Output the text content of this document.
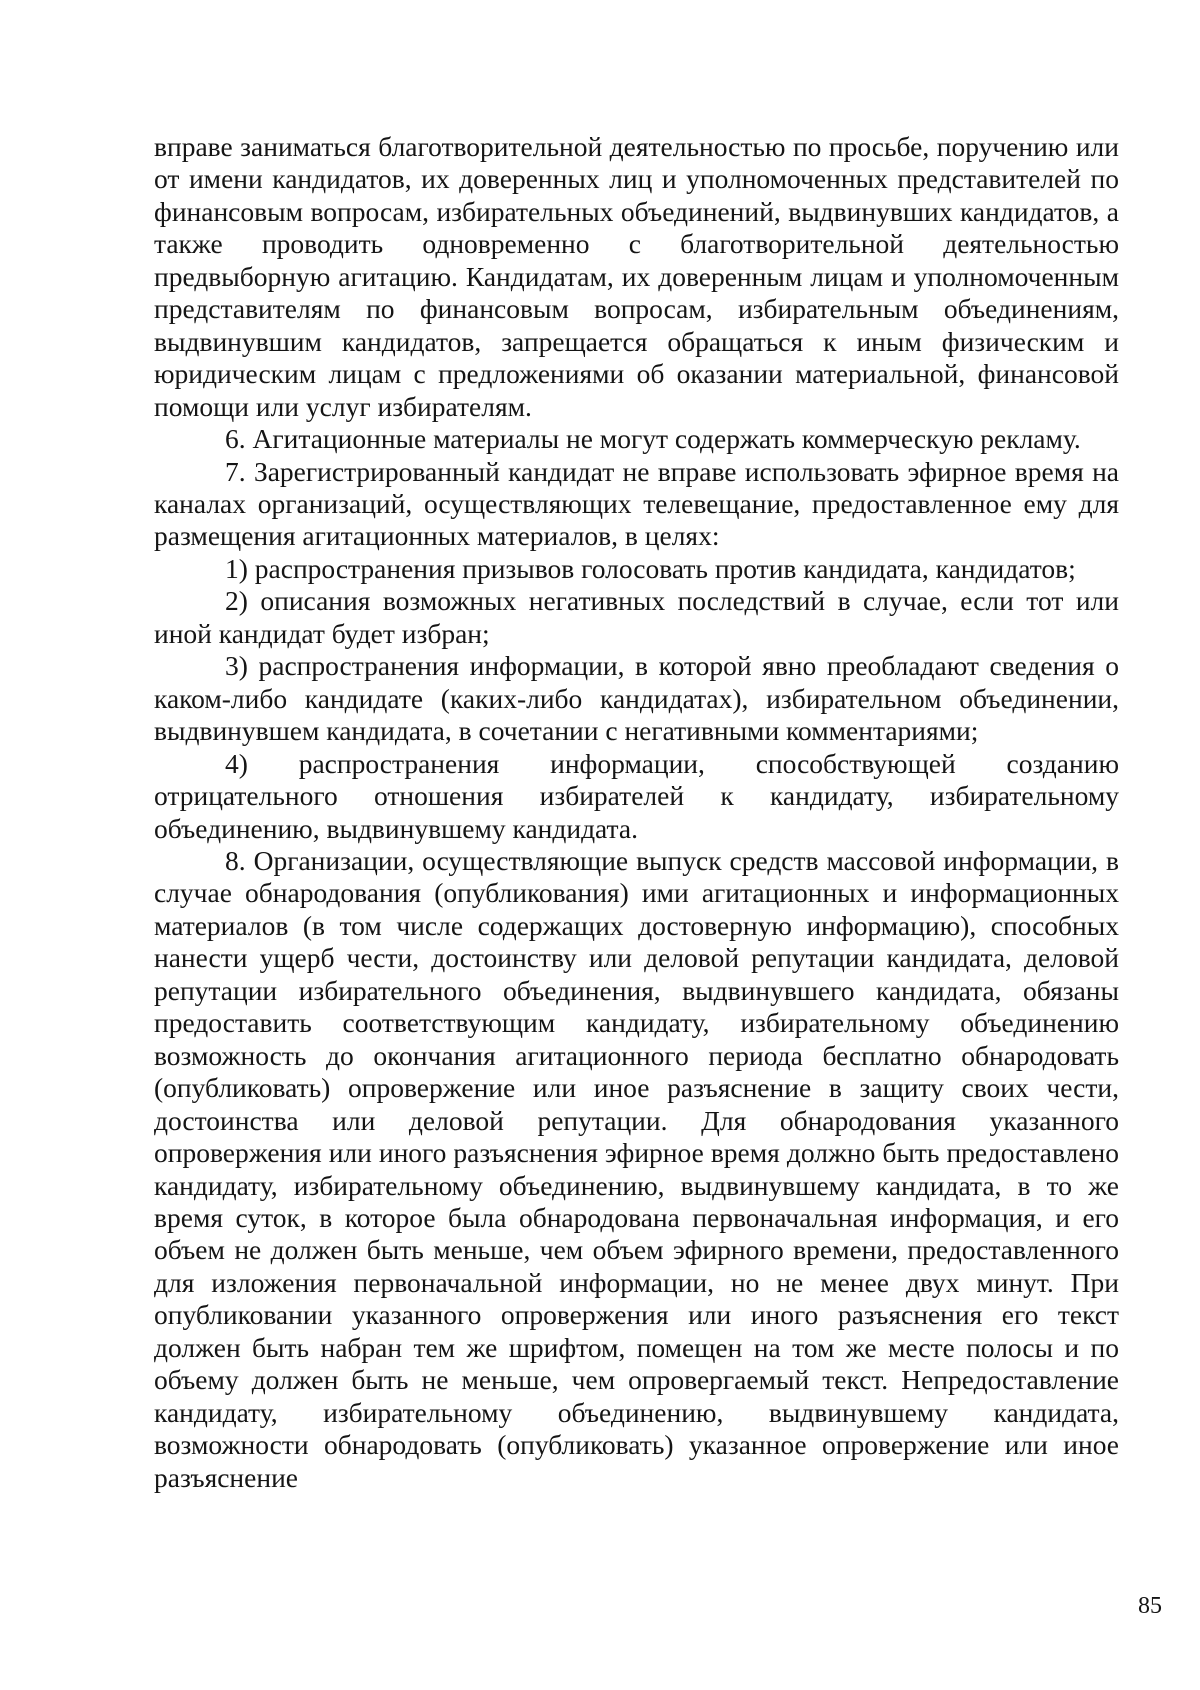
вправе заниматься благотворительной деятельностью по просьбе, поручению или от имени кандидатов, их доверенных лиц и уполномоченных представителей по финансовым вопросам, избирательных объединений, выдвинувших кандидатов, а также проводить одновременно с благотворительной деятельностью предвыборную агитацию. Кандидатам, их доверенным лицам и уполномоченным представителям по финансовым вопросам, избирательным объединениям, выдвинувшим кандидатов, запрещается обращаться к иным физическим и юридическим лицам с предложениями об оказании материальной, финансовой помощи или услуг избирателям.

6. Агитационные материалы не могут содержать коммерческую рекламу.

7. Зарегистрированный кандидат не вправе использовать эфирное время на каналах организаций, осуществляющих телевещание, предоставленное ему для размещения агитационных материалов, в целях:

1) распространения призывов голосовать против кандидата, кандидатов;

2) описания возможных негативных последствий в случае, если тот или иной кандидат будет избран;

3) распространения информации, в которой явно преобладают сведения о каком-либо кандидате (каких-либо кандидатах), избирательном объединении, выдвинувшем кандидата, в сочетании с негативными комментариями;

4) распространения информации, способствующей созданию отрицательного отношения избирателей к кандидату, избирательному объединению, выдвинувшему кандидата.

8. Организации, осуществляющие выпуск средств массовой информации, в случае обнародования (опубликования) ими агитационных и информационных материалов (в том числе содержащих достоверную информацию), способных нанести ущерб чести, достоинству или деловой репутации кандидата, деловой репутации избирательного объединения, выдвинувшего кандидата, обязаны предоставить соответствующим кандидату, избирательному объединению возможность до окончания агитационного периода бесплатно обнародовать (опубликовать) опровержение или иное разъяснение в защиту своих чести, достоинства или деловой репутации. Для обнародования указанного опровержения или иного разъяснения эфирное время должно быть предоставлено кандидату, избирательному объединению, выдвинувшему кандидата, в то же время суток, в которое была обнародована первоначальная информация, и его объем не должен быть меньше, чем объем эфирного времени, предоставленного для изложения первоначальной информации, но не менее двух минут. При опубликовании указанного опровержения или иного разъяснения его текст должен быть набран тем же шрифтом, помещен на том же месте полосы и по объему должен быть не меньше, чем опровергаемый текст. Непредоставление кандидату, избирательному объединению, выдвинувшему кандидата, возможности обнародовать (опубликовать) указанное опровержение или иное разъяснение

85
